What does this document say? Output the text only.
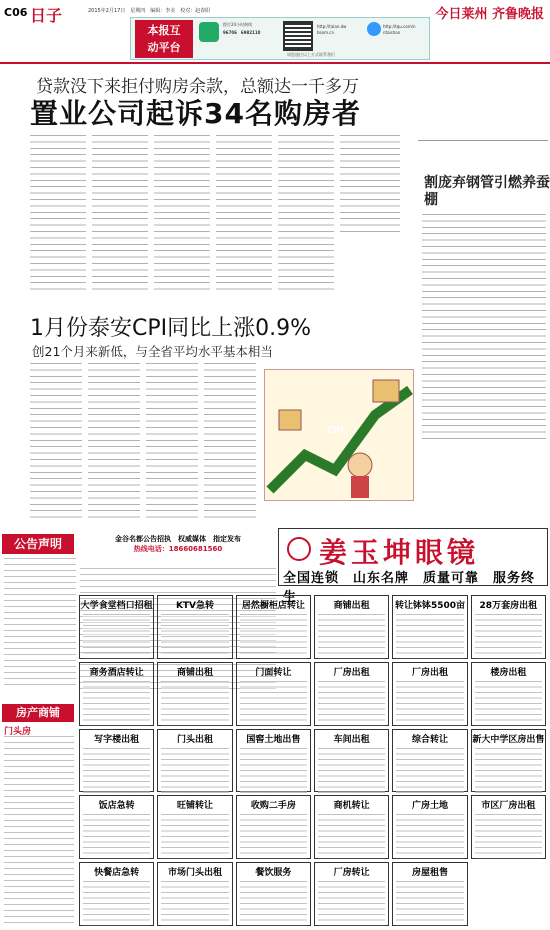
C06 日子	2015年2月17日　星期四　编辑：李美　校对：赵春阳	今日莱州 齐鲁晚报
本报互
动平台
拨打24小时热线
96706　6982110
http://taian.dw
bsom.cn
http://tqu.com/n
ntaishan
请您通过以上方式联系我们
贷款没下来拒付购房余款，总额达一千多万
置业公司起诉34名购房者
割庞弃钢管引燃养蚕棚
1月份泰安CPI同比上涨0.9%
创21个月来新低，与全省平均水平基本相当
CPI
公告声明
房产商铺
门头房
金谷名都公告招执　权威媒体　指定发布
热线电话：18660681560	姜玉坤眼镜
全国连锁　山东名牌　质量可靠　服务终生
大学食堂档口招租
商务酒店转让
写字楼出租
饭店急转
快餐店急转
KTV急转
商铺出租
门头出租
旺铺转让
市场门头出租
居然橱柜店转让
门面转让
国窖土地出售
收购二手房
餐饮服务
商铺出租
厂房出租
车间出租
商机转让
厂房转让
转让钵钵5500亩
厂房出租
综合转让
广房土地
房屋租售
28万套房出租
楼房出租
新大中学区房出售
市区厂房出租
